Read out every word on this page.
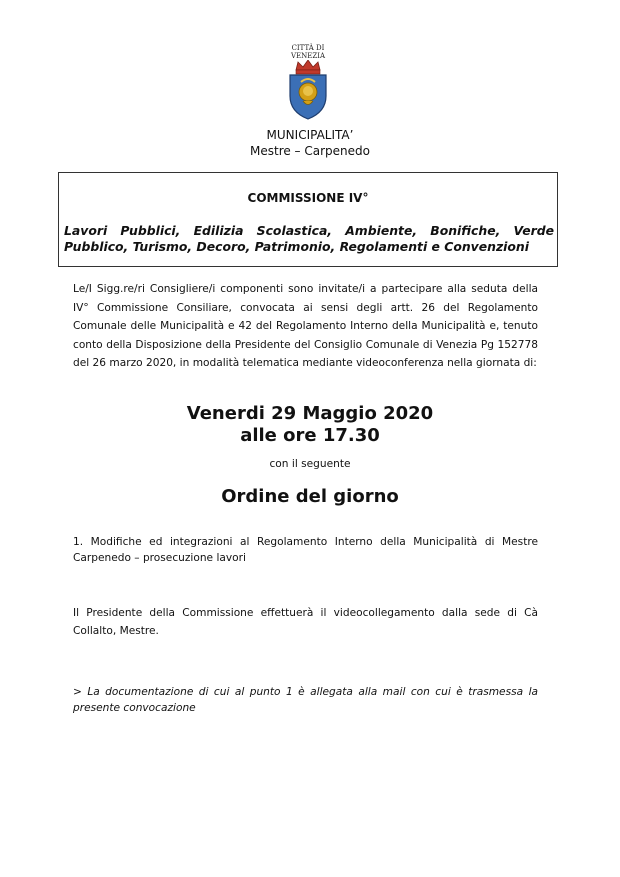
CITTÀ DI
VENEZIA
MUNICIPALITA’
Mestre – Carpenedo
COMMISSIONE IV°
Lavori Pubblici, Edilizia Scolastica, Ambiente, Bonifiche, Verde Pubblico, Turismo, Decoro, Patrimonio, Regolamenti e Convenzioni
Le/I Sigg.re/ri Consigliere/i componenti sono invitate/i a partecipare alla seduta della IV° Commissione Consiliare, convocata ai sensi degli artt. 26 del Regolamento Comunale delle Municipalità e 42 del Regolamento Interno della Municipalità e, tenuto conto della Disposizione della Presidente del Consiglio Comunale di Venezia Pg 152778 del 26 marzo 2020, in modalità telematica mediante videoconferenza nella giornata di:
Venerdi 29 Maggio 2020
alle ore 17.30
con il seguente
Ordine del giorno
1. Modifiche ed integrazioni al Regolamento Interno della Municipalità di Mestre Carpenedo – prosecuzione lavori
Il Presidente della Commissione effettuerà il videocollegamento dalla sede di Cà Collalto, Mestre.
> La documentazione di cui al punto 1 è allegata alla mail con cui è trasmessa la presente convocazione
